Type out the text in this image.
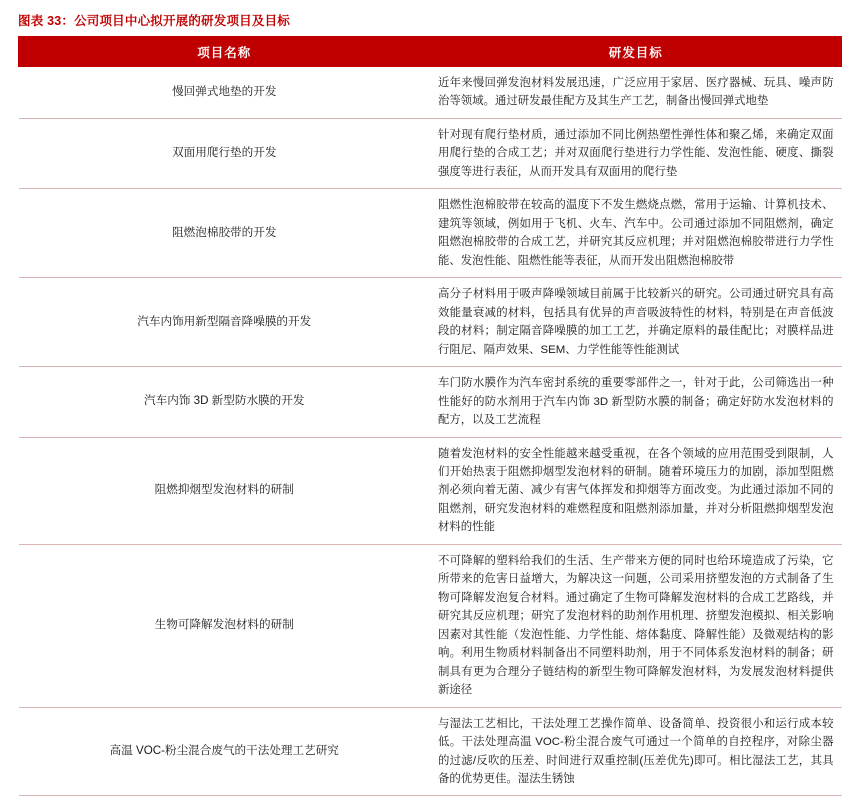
图表 33：公司项目中心拟开展的研发项目及目标
项目名称	研发目标
慢回弹式地垫的开发	近年来慢回弹发泡材料发展迅速，广泛应用于家居、医疗器械、玩具、噪声防治等领域。通过研发最佳配方及其生产工艺，制备出慢回弹式地垫
双面用爬行垫的开发	针对现有爬行垫材质，通过添加不同比例热塑性弹性体和聚乙烯，来确定双面用爬行垫的合成工艺；并对双面爬行垫进行力学性能、发泡性能、硬度、撕裂强度等进行表征，从而开发具有双面用的爬行垫
阻燃泡棉胶带的开发	阻燃性泡棉胶带在较高的温度下不发生燃烧点燃，常用于运输、计算机技术、建筑等领域，例如用于飞机、火车、汽车中。公司通过添加不同阻燃剂，确定阻燃泡棉胶带的合成工艺，并研究其反应机理；并对阻燃泡棉胶带进行力学性能、发泡性能、阻燃性能等表征，从而开发出阻燃泡棉胶带
汽车内饰用新型隔音降噪膜的开发	高分子材料用于吸声降噪领域目前属于比较新兴的研究。公司通过研究具有高效能量衰减的材料，包括具有优异的声音吸波特性的材料，特别是在声音低波段的材料；制定隔音降噪膜的加工工艺，并确定原料的最佳配比；对膜样品进行阻尼、隔声效果、SEM、力学性能等性能测试
汽车内饰 3D 新型防水膜的开发	车门防水膜作为汽车密封系统的重要零部件之一，针对于此，公司筛选出一种性能好的防水剂用于汽车内饰 3D 新型防水膜的制备；确定好防水发泡材料的配方，以及工艺流程
阻燃抑烟型发泡材料的研制	随着发泡材料的安全性能越来越受重视，在各个领域的应用范围受到限制，人们开始热衷于阻燃抑烟型发泡材料的研制。随着环境压力的加剧，添加型阻燃剂必须向着无菌、减少有害气体挥发和抑烟等方面改变。为此通过添加不同的阻燃剂，研究发泡材料的难燃程度和阻燃剂添加量，并对分析阻燃抑烟型发泡材料的性能
生物可降解发泡材料的研制	不可降解的塑料给我们的生活、生产带来方便的同时也给环境造成了污染，它所带来的危害日益增大，为解决这一问题，公司采用挤塑发泡的方式制备了生物可降解发泡复合材料。通过确定了生物可降解发泡材料的合成工艺路线，并研究其反应机理；研究了发泡材料的助剂作用机理、挤塑发泡模拟、相关影响因素对其性能（发泡性能、力学性能、熔体黏度、降解性能）及微观结构的影响。利用生物质材料制备出不同塑料助剂，用于不同体系发泡材料的制备；研制具有更为合理分子链结构的新型生物可降解发泡材料，为发展发泡材料提供新途径
高温 VOC-粉尘混合废气的干法处理工艺研究	与湿法工艺相比，干法处理工艺操作简单、设备简单、投资很小和运行成本较低。干法处理高温 VOC-粉尘混合废气可通过一个简单的自控程序，对除尘器的过滤/反吹的压差、时间进行双重控制(压差优先)即可。相比湿法工艺，其具备的优势更佳。湿法生锈蚀
